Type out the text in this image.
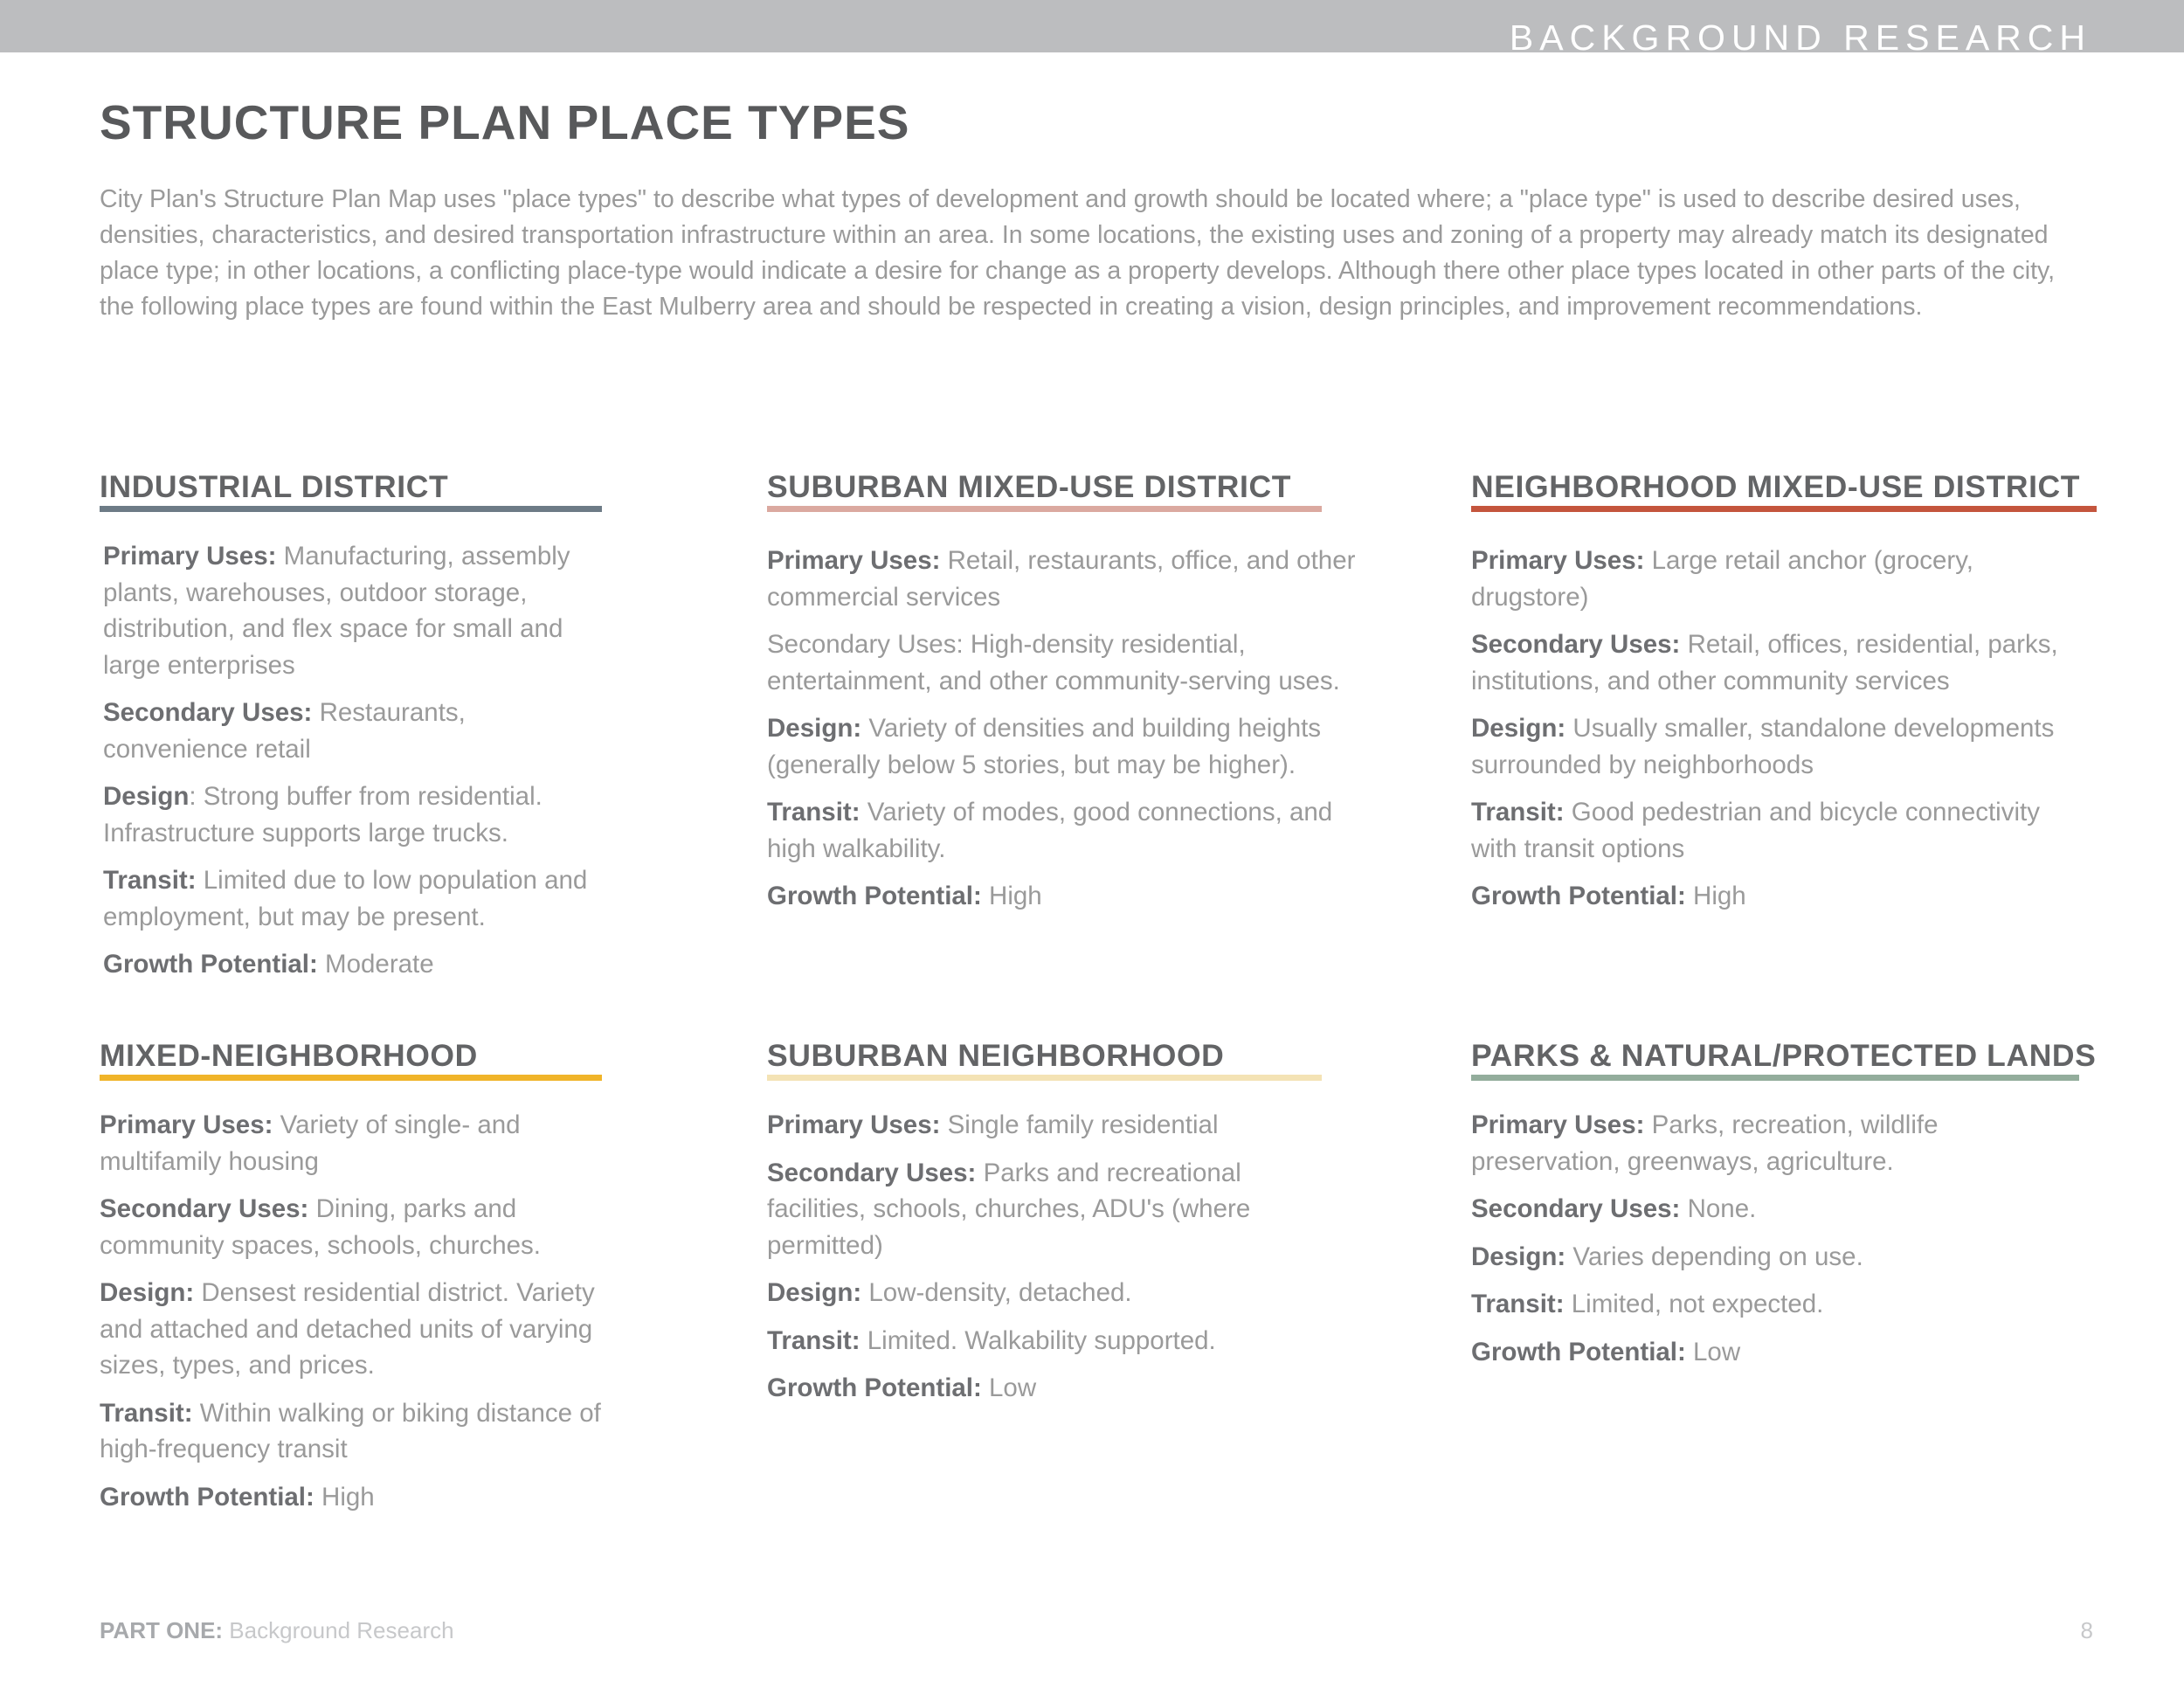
BACKGROUND RESEARCH
STRUCTURE PLAN PLACE TYPES

City Plan's Structure Plan Map uses "place types" to describe what types of development and growth should be located where; a "place type" is used to describe desired uses, densities, characteristics, and desired transportation infrastructure within an area. In some locations, the existing uses and zoning of a property may already match its designated place type; in other locations, a conflicting place-type would indicate a desire for change as a property develops. Although there other place types located in other parts of the city, the following place types are found within the East Mulberry area and should be respected in creating a vision, design principles, and improvement recommendations.

INDUSTRIAL DISTRICT

Primary Uses: Manufacturing, assembly plants, warehouses, outdoor storage, distribution, and flex space for small and large enterprises

Secondary Uses: Restaurants, convenience retail

Design: Strong buffer from residential. Infrastructure supports large trucks.

Transit: Limited due to low population and employment, but may be present.

Growth Potential: Moderate

SUBURBAN MIXED-USE DISTRICT

Primary Uses: Retail, restaurants, office, and other commercial services

Secondary Uses: High-density residential, entertainment, and other community-serving uses.

Design: Variety of densities and building heights (generally below 5 stories, but may be higher).

Transit: Variety of modes, good connections, and high walkability.

Growth Potential: High

NEIGHBORHOOD MIXED-USE DISTRICT

Primary Uses: Large retail anchor (grocery, drugstore)

Secondary Uses: Retail, offices, residential, parks, institutions, and other community services

Design: Usually smaller, standalone developments surrounded by neighborhoods

Transit: Good pedestrian and bicycle connectivity with transit options

Growth Potential: High

MIXED-NEIGHBORHOOD

Primary Uses: Variety of single- and multifamily housing

Secondary Uses: Dining, parks and community spaces, schools, churches.

Design: Densest residential district. Variety and attached and detached units of varying sizes, types, and prices.

Transit: Within walking or biking distance of high-frequency transit

Growth Potential: High

SUBURBAN NEIGHBORHOOD

Primary Uses: Single family residential

Secondary Uses: Parks and recreational facilities, schools, churches, ADU's (where permitted)

Design: Low-density, detached.

Transit: Limited. Walkability supported.

Growth Potential: Low

PARKS & NATURAL/PROTECTED LANDS

Primary Uses: Parks, recreation, wildlife preservation, greenways, agriculture.

Secondary Uses: None.

Design: Varies depending on use.

Transit: Limited, not expected.

Growth Potential: Low

PART ONE: Background Research	8
